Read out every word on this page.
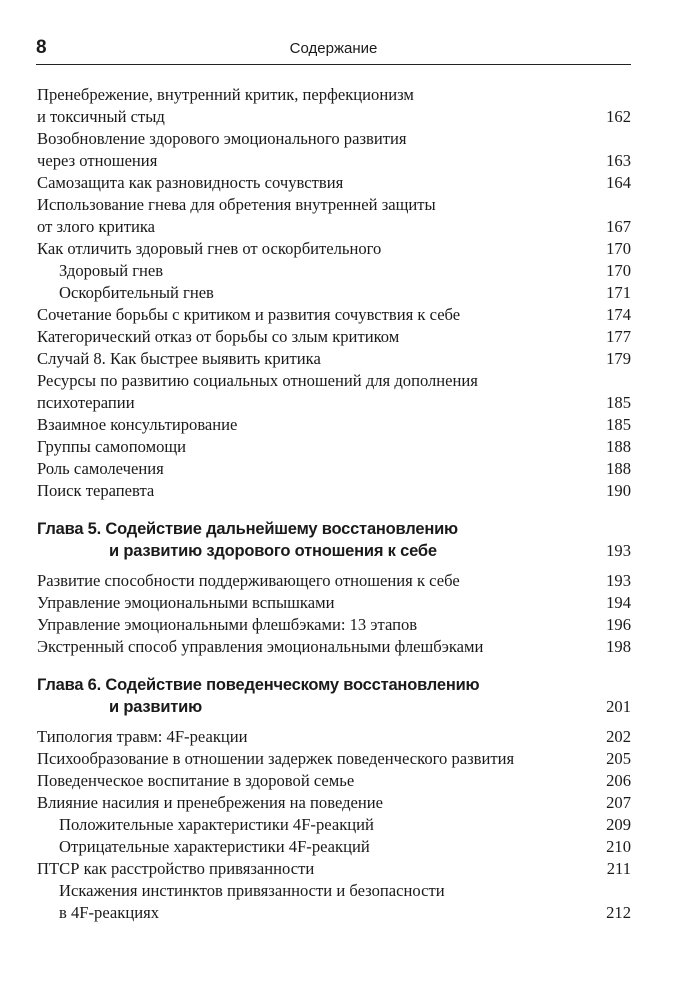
8	Содержание
Пренебрежение, внутренний критик, перфекционизм
и токсичный стыд	162
Возобновление здорового эмоционального развития
через отношения	163
Самозащита как разновидность сочувствия	164
Использование гнева для обретения внутренней защиты
от злого критика	167
Как отличить здоровый гнев от оскорбительного	170
Здоровый гнев	170
Оскорбительный гнев	171
Сочетание борьбы с критиком и развития сочувствия к себе	174
Категорический отказ от борьбы со злым критиком	177
Случай 8. Как быстрее выявить критика	179
Ресурсы по развитию социальных отношений для дополнения
психотерапии	185
Взаимное консультирование	185
Группы самопомощи	188
Роль самолечения	188
Поиск терапевта	190
Глава 5. Содействие дальнейшему восстановлению
и развитию здорового отношения к себе	193
Развитие способности поддерживающего отношения к себе	193
Управление эмоциональными вспышками	194
Управление эмоциональными флешбэками: 13 этапов	196
Экстренный способ управления эмоциональными флешбэками	198
Глава 6. Содействие поведенческому восстановлению
и развитию	201
Типология травм: 4F-реакции	202
Психообразование в отношении задержек поведенческого развития	205
Поведенческое воспитание в здоровой семье	206
Влияние насилия и пренебрежения на поведение	207
Положительные характеристики 4F-реакций	209
Отрицательные характеристики 4F-реакций	210
ПТСР как расстройство привязанности	211
Искажения инстинктов привязанности и безопасности
в 4F-реакциях	212
